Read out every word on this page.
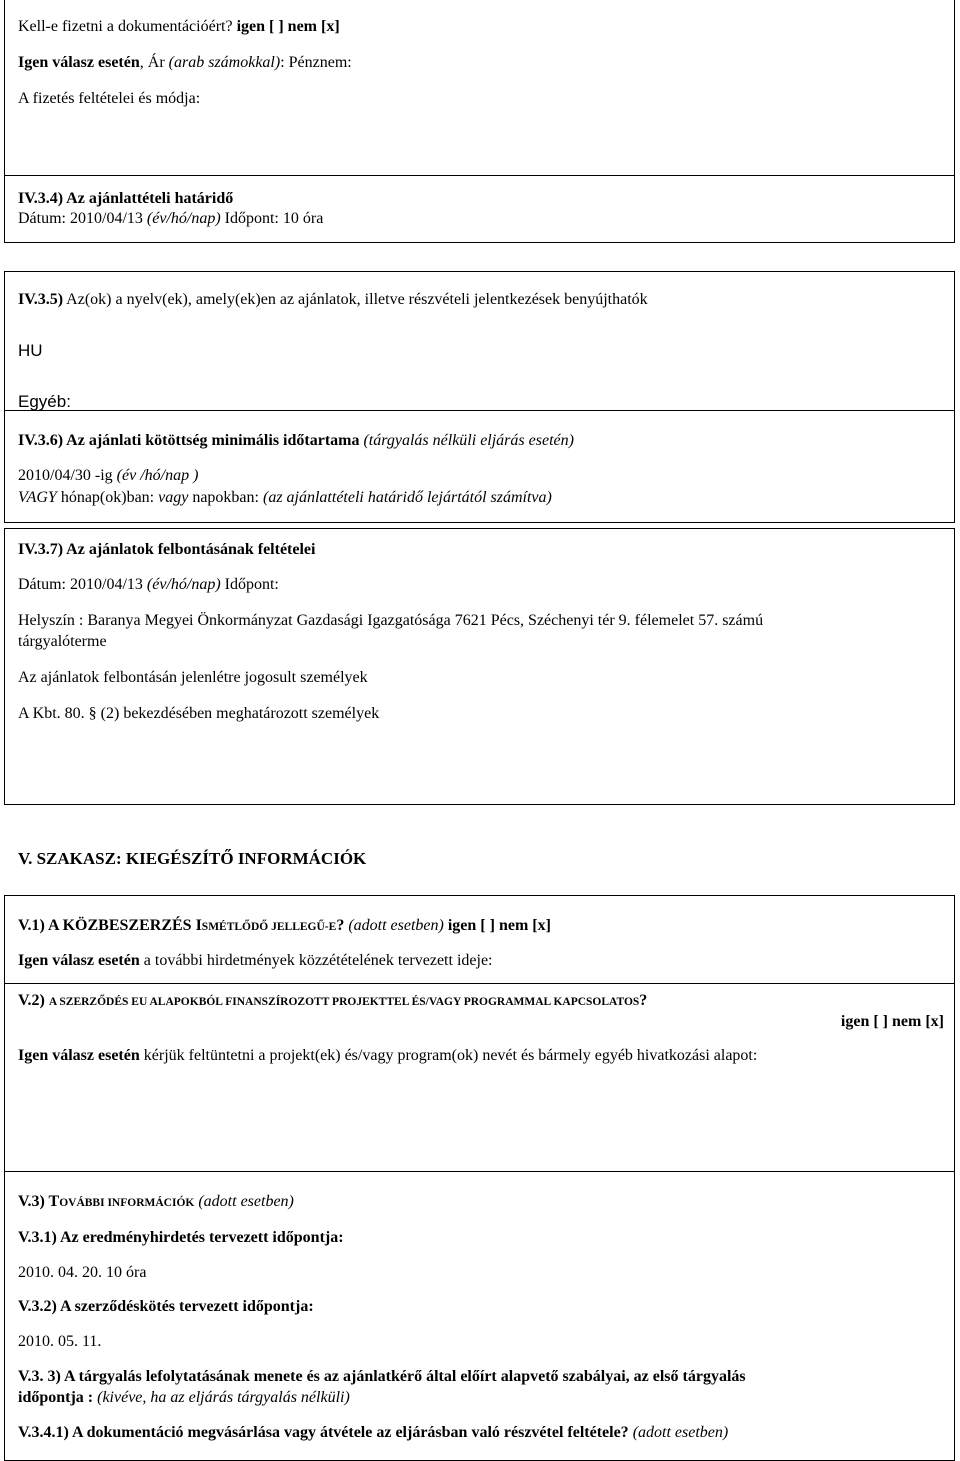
Kell-e fizetni a dokumentációért? igen [ ] nem [x]
Igen válasz esetén, Ár (arab számokkal): Pénznem:
A fizetés feltételei és módja:
IV.3.4) Az ajánlattételi határidő
Dátum: 2010/04/13 (év/hó/nap) Időpont: 10 óra
IV.3.5) Az(ok) a nyelv(ek), amely(ek)en az ajánlatok, illetve részvételi jelentkezések benyújthatók
HU
Egyéb:
IV.3.6) Az ajánlati kötöttség minimális időtartama (tárgyalás nélküli eljárás esetén)
2010/04/30 -ig (év /hó/nap )
VAGY hónap(ok)ban: vagy napokban: (az ajánlattételi határidő lejártától számítva)
IV.3.7) Az ajánlatok felbontásának feltételei
Dátum: 2010/04/13 (év/hó/nap) Időpont:
Helyszín : Baranya Megyei Önkormányzat Gazdasági Igazgatósága 7621 Pécs, Széchenyi tér 9. félemelet 57. számú
tárgyalóterme
Az ajánlatok felbontásán jelenlétre jogosult személyek
A Kbt. 80. § (2) bekezdésében meghatározott személyek
V. SZAKASZ: KIEGÉSZÍTŐ INFORMÁCIÓK
V.1) A KÖZBESZERZÉS ISMÉTLŐDŐ JELLEGŰ-E? (adott esetben) igen [ ] nem [x]
Igen válasz esetén a további hirdetmények közzétételének tervezett ideje:
V.2) A SZERZŐDÉS EU ALAPOKBÓL FINANSZÍROZOTT PROJEKTTEL ÉS/VAGY PROGRAMMAL KAPCSOLATOS?
igen [ ] nem [x]
Igen válasz esetén kérjük feltüntetni a projekt(ek) és/vagy program(ok) nevét és bármely egyéb hivatkozási alapot:
V.3) TOVÁBBI INFORMÁCIÓK (adott esetben)
V.3.1) Az eredményhirdetés tervezett időpontja:
2010. 04. 20. 10 óra
V.3.2) A szerződéskötés tervezett időpontja:
2010. 05. 11.
V.3. 3) A tárgyalás lefolytatásának menete és az ajánlatkérő által előírt alapvető szabályai, az első tárgyalás
időpontja : (kivéve, ha az eljárás tárgyalás nélküli)
V.3.4.1) A dokumentáció megvásárlása vagy átvétele az eljárásban való részvétel feltétele? (adott esetben)
